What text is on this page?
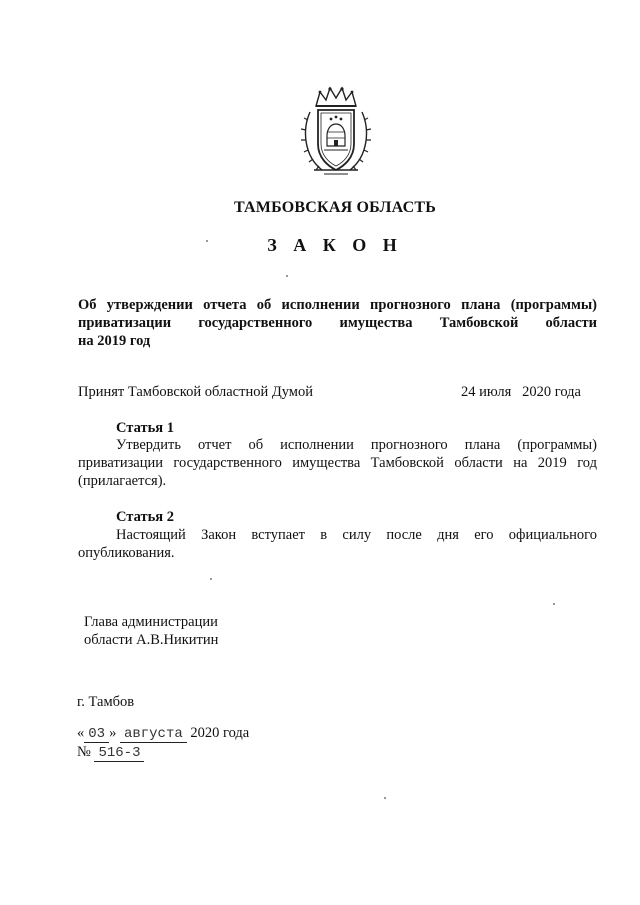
ТАМБОВСКАЯ ОБЛАСТЬ
З А К О Н
Об утверждении отчета об исполнении прогнозного плана (программы)
приватизации государственного имущества Тамбовской области
на 2019 год
Принят Тамбовской областной Думой	24 июля   2020 года
Статья 1
Утвердить отчет об исполнении прогнозного плана (программы)
приватизации государственного имущества Тамбовской области на 2019 год
(прилагается).
Статья 2
Настоящий Закон вступает в силу после дня его официального
опубликования.
Глава администрации
области А.В.Никитин
г. Тамбов
« 03 » августа 2020 года
№ 516-3
